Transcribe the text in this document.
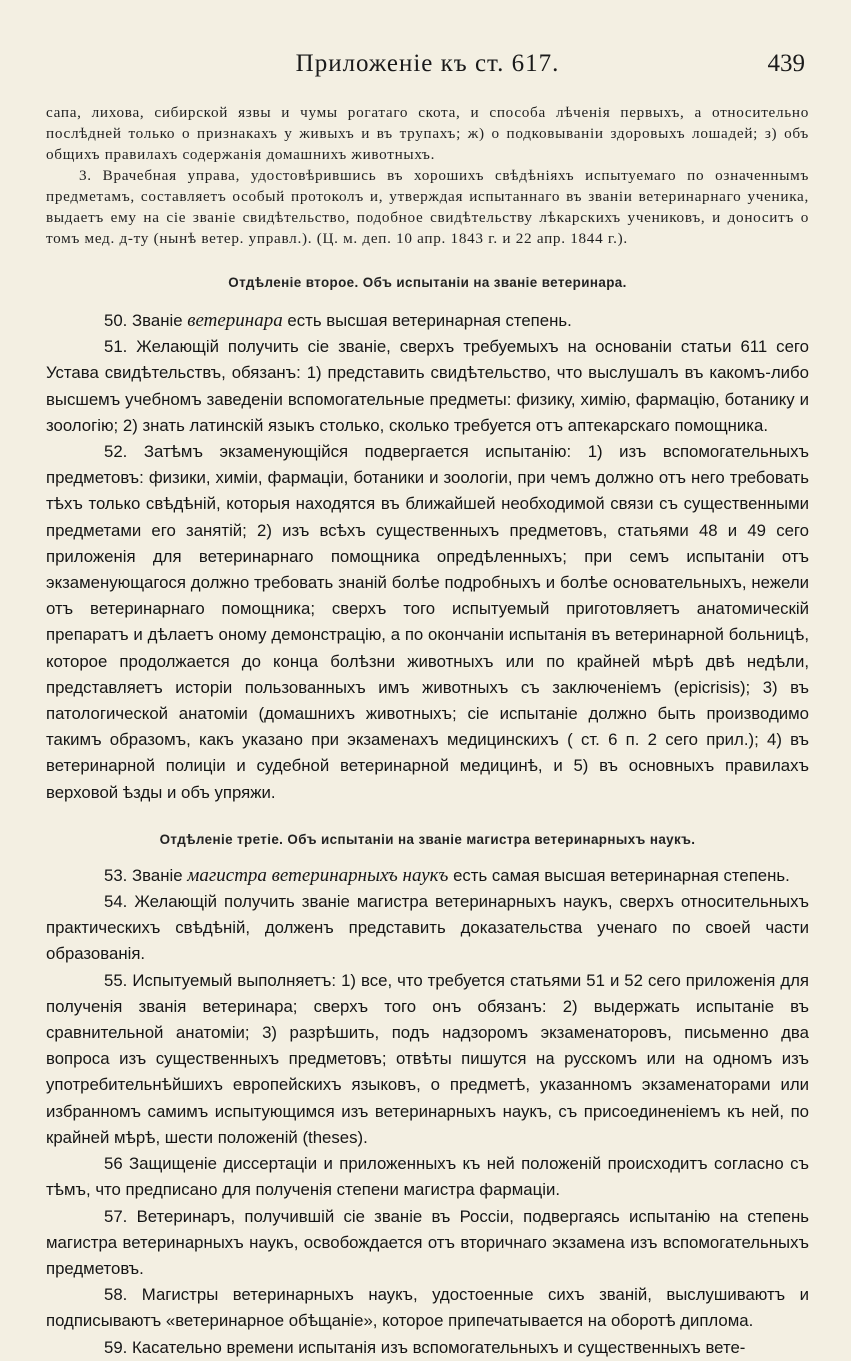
Приложеніе къ ст. 617.	439

сапа, лихова, сибирской язвы и чумы рогатаго скота, и способа лѣченія первыхъ, а относительно послѣдней только о признакахъ у живыхъ и въ трупахъ; ж) о подковываніи здоровыхъ лошадей; з) объ общихъ правилахъ содержанія домашнихъ животныхъ.

3. Врачебная управа, удостовѣрившись въ хорошихъ свѣдѣніяхъ испытуемаго по означеннымъ предметамъ, составляетъ особый протоколъ и, утверждая испытаннаго въ званіи ветеринарнаго ученика, выдаетъ ему на сіе званіе свидѣтельство, подобное свидѣтельству лѣкарскихъ учениковъ, и доноситъ о томъ мед. д-ту (нынѣ ветер. управл.). (Ц. м. деп. 10 апр. 1843 г. и 22 апр. 1844 г.).

Отдѣленіе второе. Объ испытаніи на званіе ветеринара.

50. Званіе ветеринара есть высшая ветеринарная степень.

51. Желающій получить сіе званіе, сверхъ требуемыхъ на основаніи статьи 611 сего Устава свидѣтельствъ, обязанъ: 1) представить свидѣтельство, что выслушалъ въ какомъ-либо высшемъ учебномъ заведеніи вспомогательные предметы: физику, химію, фармацію, ботанику и зоологію; 2) знать латинскій языкъ столько, сколько требуется отъ аптекарскаго помощника.

52. Затѣмъ экзаменующійся подвергается испытанію: 1) изъ вспомогательныхъ предметовъ: физики, химіи, фармаціи, ботаники и зоологіи, при чемъ должно отъ него требовать тѣхъ только свѣдѣній, которыя находятся въ ближайшей необходимой связи съ существенными предметами его занятій; 2) изъ всѣхъ существенныхъ предметовъ, статьями 48 и 49 сего приложенія для ветеринарнаго помощника опредѣленныхъ; при семъ испытаніи отъ экзаменующагося должно требовать знаній болѣе подробныхъ и болѣе основательныхъ, нежели отъ ветеринарнаго помощника; сверхъ того испытуемый приготовляетъ анатомическій препаратъ и дѣлаетъ оному демонстрацію, а по окончаніи испытанія въ ветеринарной больницѣ, которое продолжается до конца болѣзни животныхъ или по крайней мѣрѣ двѣ недѣли, представляетъ исторіи пользованныхъ имъ животныхъ съ заключеніемъ (epicrisis); 3) въ патологической анатоміи (домашнихъ животныхъ; сіе испытаніе должно быть производимо такимъ образомъ, какъ указано при экзаменахъ медицинскихъ ( ст. 6 п. 2 сего прил.); 4) въ ветеринарной полиціи и судебной ветеринарной медицинѣ, и 5) въ основныхъ правилахъ верховой ѣзды и объ упряжи.

Отдѣленіе третіе. Объ испытаніи на званіе магистра ветеринарныхъ наукъ.

53. Званіе магистра ветеринарныхъ наукъ есть самая высшая ветеринарная степень.

54. Желающій получить званіе магистра ветеринарныхъ наукъ, сверхъ относительныхъ практическихъ свѣдѣній, долженъ представить доказательства ученаго по своей части образованія.

55. Испытуемый выполняетъ: 1) все, что требуется статьями 51 и 52 сего приложенія для полученія званія ветеринара; сверхъ того онъ обязанъ: 2) выдержать испытаніе въ сравнительной анатоміи; 3) разрѣшить, подъ надзоромъ экзаменаторовъ, письменно два вопроса изъ существенныхъ предметовъ; отвѣты пишутся на русскомъ или на одномъ изъ употребительнѣйшихъ европейскихъ языковъ, о предметѣ, указанномъ экзаменаторами или избранномъ самимъ испытующимся изъ ветеринарныхъ наукъ, съ присоединеніемъ къ ней, по крайней мѣрѣ, шести положеній (theses).

56 Защищеніе диссертаціи и приложенныхъ къ ней положеній происходитъ согласно съ тѣмъ, что предписано для полученія степени магистра фармаціи.

57. Ветеринаръ, получившій сіе званіе въ Россіи, подвергаясь испытанію на степень магистра ветеринарныхъ наукъ, освобождается отъ вторичнаго экзамена изъ вспомогательныхъ предметовъ.

58. Магистры ветеринарныхъ наукъ, удостоенные сихъ званій, выслушиваютъ и подписываютъ «ветеринарное обѣщаніе», которое припечатывается на оборотѣ диплома.

59. Касательно времени испытанія изъ вспомогательныхъ и существенныхъ вете-
